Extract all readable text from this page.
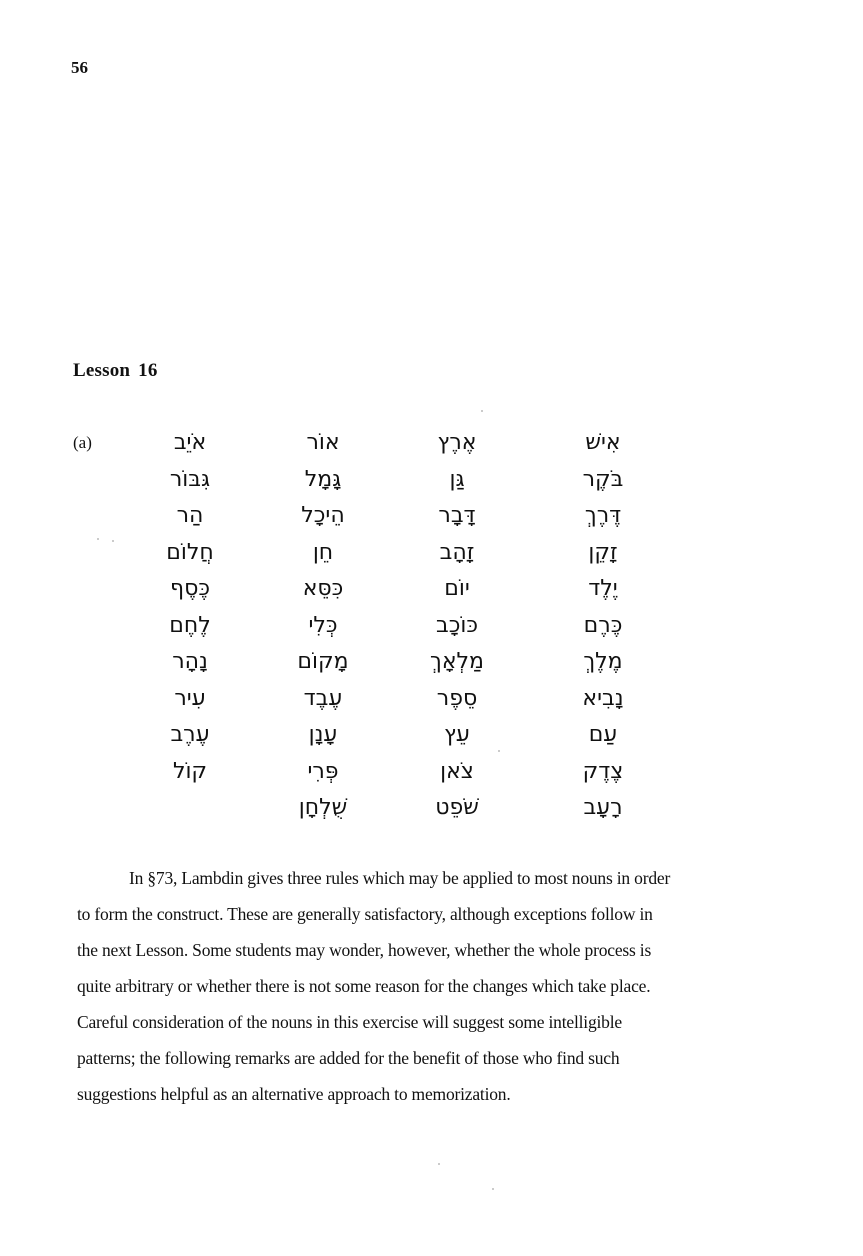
56
Lesson 16
(a)	אִישׁ
בֹּקֶר
דֶּרֶךְ
זָקֵן
יֶלֶד
כֶּרֶם
מֶלֶךְ
נָבִיא
עַם
צֶדֶק
רָעָב
אֶרֶץ
גַּן
דָּבָר
זָהָב
יוֹם
כּוֹכָב
מַלְאָךְ
סֵפֶר
עֵץ
צֹאן
שֹׁפֵט
אוֹר
גָּמָל
הֵיכָל
חֵן
כִּסֵּא
כְּלִי
מָקוֹם
עֶבֶד
עָנָן
פְּרִי
שֻׁלְחָן
אֹיֵב
גִּבּוֹר
הַר
חֲלוֹם
כֶּסֶף
לֶחֶם
נָהָר
עִיר
עֶרֶב
קוֹל
In §73, Lambdin gives three rules which may be applied to most nouns in order
to form the construct. These are generally satisfactory, although exceptions follow in
the next Lesson. Some students may wonder, however, whether the whole process is
quite arbitrary or whether there is not some reason for the changes which take place.
Careful consideration of the nouns in this exercise will suggest some intelligible
patterns; the following remarks are added for the benefit of those who find such
suggestions helpful as an alternative approach to memorization.
